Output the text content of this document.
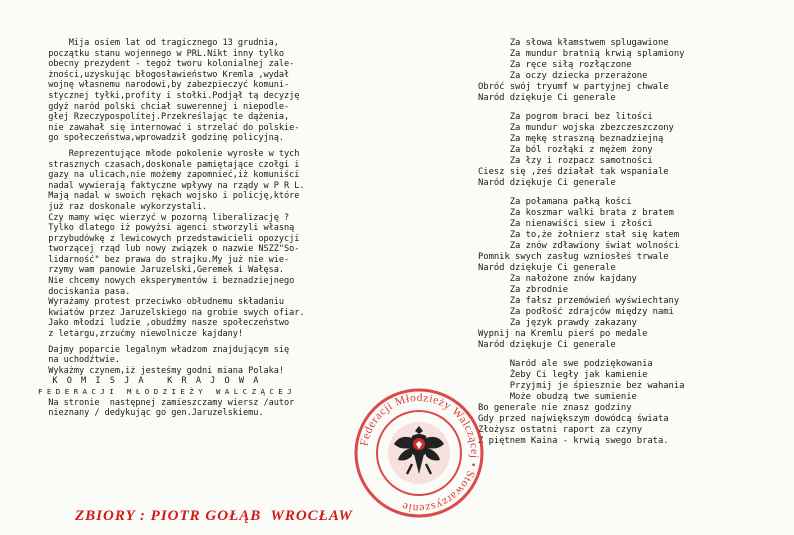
Mija osiem lat od tragicznego 13 grudnia,
początku stanu wojennego w PRL.Nikt inny tylko
obecny prezydent - tegoż tworu kolonialnej zale-
żności,uzyskując błogosławieństwo Kremla ,wydał
wojnę własnemu narodowi,by zabezpieczyć komuni-
stycznej tyłki,profity i stołki.Podjął tą decyzję
gdyż naród polski chciał suwerennej i niepodle-
głej Rzeczypospolitej.Przekreślając te dążenia,
nie zawahał się internować i strzelać do polskie-
go społeczeństwa,wprowadził godzinę policyjną.
Reprezentujące młode pokolenie wyrosłe w tych
strasznych czasach,doskonale pamiętające czołgi i
gazy na ulicach,nie możemy zapomnieć,iż komuniści
nadal wywierają faktyczne wpływy na rządy w P R L.
Mają nadal w swoich rękach wojsko i policję,które
już raz doskonale wykorzystali.
Czy mamy więc wierzyć w pozorną liberalizację ?
Tylko dlatego iż powyżsi agenci stworzyli własną
przybudówkę z lewicowych przedstawicieli opozycji
tworzącej rząd lub nowy związek o nazwie NSZZ"So-
lidarność" bez prawa do strajku.My już nie wie-
rzymy wam panowie Jaruzelski,Geremek i Wałęsa.
Nie chcemy nowych eksperymentów i beznadziejnego
dociskania pasa.
Wyrażamy protest przeciwko obłudnemu składaniu
kwiatów przez Jaruzelskiego na grobie swych ofiar.
Jako młodzi ludzie ,obudźmy nasze społeczeństwo
z letargu,zrzućmy niewolnicze kajdany!
Dajmy poparcie legalnym władzom znajdującym się
na uchodźtwie.
Wykażmy czynem,iż jesteśmy godni miana Polaka!
K O M I S J A   K R A J O W A
F E D E R A C J I   M Ł O D Z I E Ż Y   W A L C Z Ą C E J
Na stronie  następnej zamieszczamy wiersz /autor
nieznany / dedykując go gen.Jaruzelskiemu.
Za słowa kłamstwem splugawione
Za mundur bratnią krwią splamiony
Za ręce siłą rozłączone
Za oczy dziecka przerażone
Obróć swój tryumf w partyjnej chwale
Naród dziękuje Ci generale
Za pogrom braci bez litości
Za mundur wojska zbezczeszczony
Za mękę straszną beznadziejną
Za ból rozłąki z mężem żony
Za łzy i rozpacz samotności
Ciesz się ,żeś działał tak wspaniale
Naród dziękuje Ci generale
Za połamana pałką kości
Za koszmar walki brata z bratem
Za nienawiści siew i złości
Za to,że żołnierz stał się katem
Za znów zdławiony świat wolności
Pomnik swych zasług wzniosłeś trwale
Naród dziękuje Ci generale
Za nałożone znów kajdany
Za zbrodnie
Za fałsz przemówień wyświechtany
Za podłość zdrajców między nami
Za język prawdy zakazany
Wypnij na Kremlu pierś po medale
Naród dziękuje Ci generale
Naród ale swe podziękowania
Żeby Ci legły jak kamienie
Przyjmij je śpiesznie bez wahania
Może obudzą twe sumienie
Bo generale nie znasz godziny
Gdy przed największym dowódcą świata
Złożysz ostatni raport za czyny
Z piętnem Kaina - krwią swego brata.
Federacji Młodzieży Walczącej • Stowarzyszenie
ZBIORY : PIOTR GOŁĄB  WROCŁAW
